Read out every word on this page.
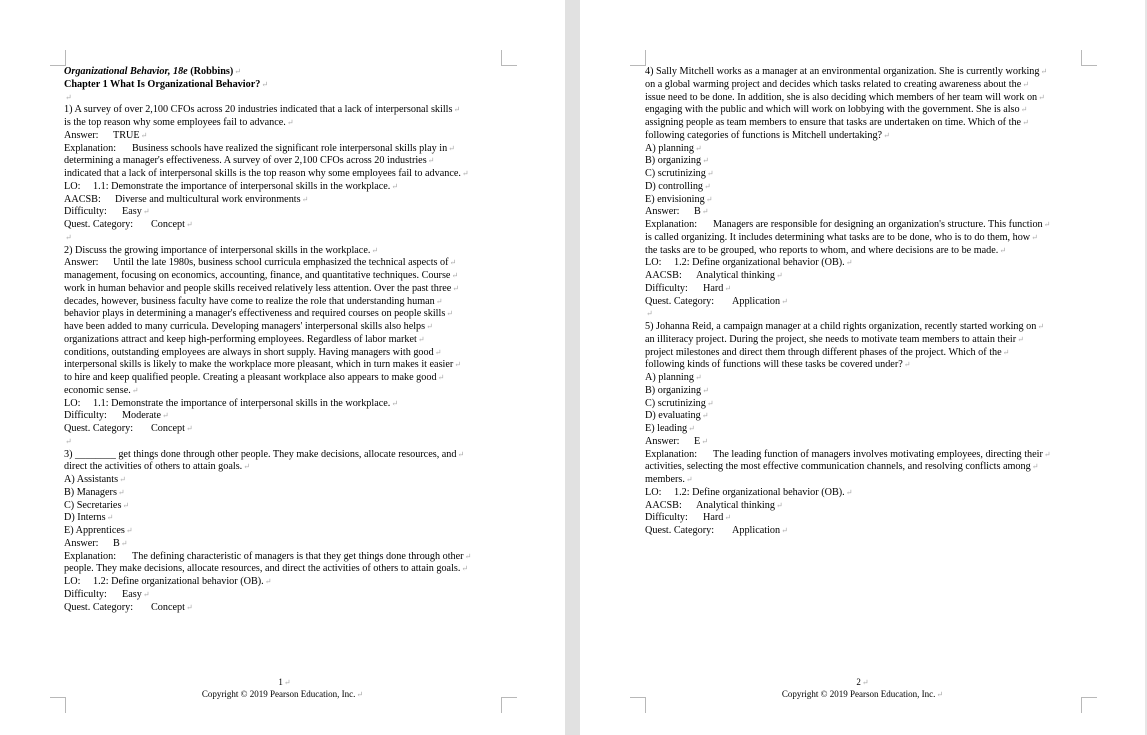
Organizational Behavior, 18e (Robbins)↵
Chapter 1 What Is Organizational Behavior?↵
↵
1) A survey of over 2,100 CFOs across 20 industries indicated that a lack of interpersonal skills↵
is the top reason why some employees fail to advance.↵
Answer: TRUE↵
Explanation: Business schools have realized the significant role interpersonal skills play in↵
determining a manager's effectiveness. A survey of over 2,100 CFOs across 20 industries↵
indicated that a lack of interpersonal skills is the top reason why some employees fail to advance.↵
LO: 1.1: Demonstrate the importance of interpersonal skills in the workplace.↵
AACSB: Diverse and multicultural work environments↵
Difficulty: Easy↵
Quest. Category: Concept↵
↵
2) Discuss the growing importance of interpersonal skills in the workplace.↵
Answer: Until the late 1980s, business school curricula emphasized the technical aspects of↵
management, focusing on economics, accounting, finance, and quantitative techniques. Course↵
work in human behavior and people skills received relatively less attention. Over the past three↵
decades, however, business faculty have come to realize the role that understanding human↵
behavior plays in determining a manager's effectiveness and required courses on people skills↵
have been added to many curricula. Developing managers' interpersonal skills also helps↵
organizations attract and keep high-performing employees. Regardless of labor market↵
conditions, outstanding employees are always in short supply. Having managers with good↵
interpersonal skills is likely to make the workplace more pleasant, which in turn makes it easier↵
to hire and keep qualified people. Creating a pleasant workplace also appears to make good↵
economic sense.↵
LO: 1.1: Demonstrate the importance of interpersonal skills in the workplace.↵
Difficulty: Moderate↵
Quest. Category: Concept↵
↵
3) ________ get things done through other people. They make decisions, allocate resources, and↵
direct the activities of others to attain goals.↵
A) Assistants↵
B) Managers↵
C) Secretaries↵
D) Interns↵
E) Apprentices↵
Answer: B↵
Explanation: The defining characteristic of managers is that they get things done through other↵
people. They make decisions, allocate resources, and direct the activities of others to attain goals.↵
LO: 1.2: Define organizational behavior (OB).↵
Difficulty: Easy↵
Quest. Category: Concept↵
1↵
Copyright © 2019 Pearson Education, Inc.↵
4) Sally Mitchell works as a manager at an environmental organization. She is currently working↵
on a global warming project and decides which tasks related to creating awareness about the↵
issue need to be done. In addition, she is also deciding which members of her team will work on↵
engaging with the public and which will work on lobbying with the government. She is also↵
assigning people as team members to ensure that tasks are undertaken on time. Which of the↵
following categories of functions is Mitchell undertaking?↵
A) planning↵
B) organizing↵
C) scrutinizing↵
D) controlling↵
E) envisioning↵
Answer: B↵
Explanation: Managers are responsible for designing an organization's structure. This function↵
is called organizing. It includes determining what tasks are to be done, who is to do them, how↵
the tasks are to be grouped, who reports to whom, and where decisions are to be made.↵
LO: 1.2: Define organizational behavior (OB).↵
AACSB: Analytical thinking↵
Difficulty: Hard↵
Quest. Category: Application↵
↵
5) Johanna Reid, a campaign manager at a child rights organization, recently started working on↵
an illiteracy project. During the project, she needs to motivate team members to attain their↵
project milestones and direct them through different phases of the project. Which of the↵
following kinds of functions will these tasks be covered under?↵
A) planning↵
B) organizing↵
C) scrutinizing↵
D) evaluating↵
E) leading↵
Answer: E↵
Explanation: The leading function of managers involves motivating employees, directing their↵
activities, selecting the most effective communication channels, and resolving conflicts among↵
members.↵
LO: 1.2: Define organizational behavior (OB).↵
AACSB: Analytical thinking↵
Difficulty: Hard↵
Quest. Category: Application↵
2↵
Copyright © 2019 Pearson Education, Inc.↵
